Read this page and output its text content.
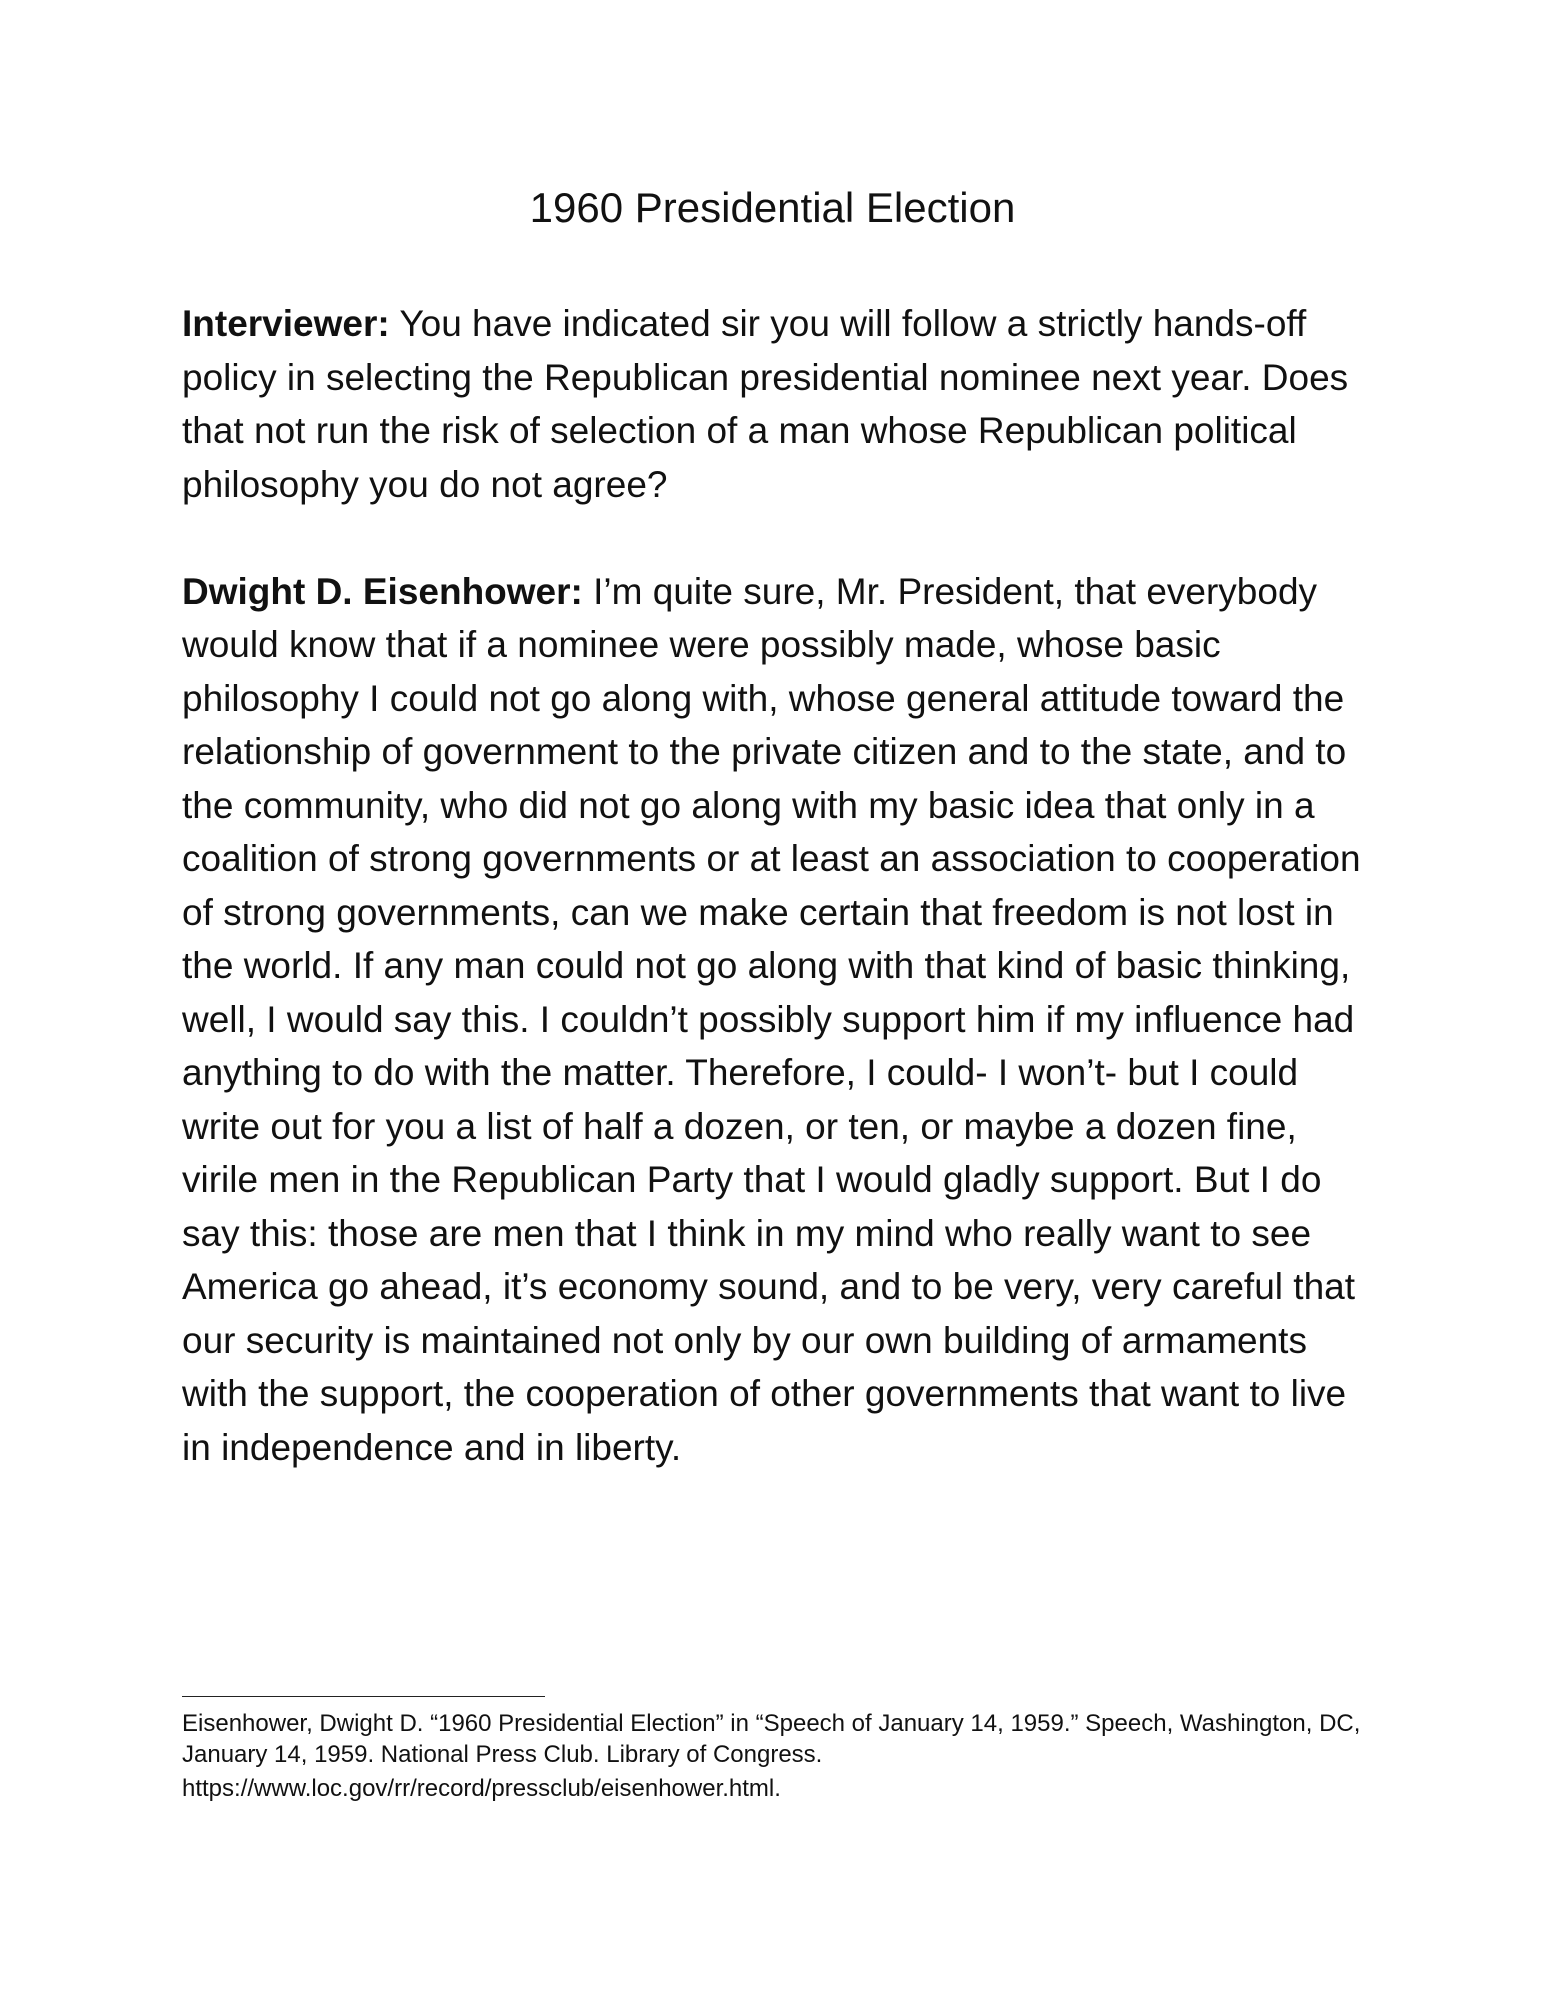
1960 Presidential Election

Interviewer: You have indicated sir you will follow a strictly hands-off policy in selecting the Republican presidential nominee next year. Does that not run the risk of selection of a man whose Republican political philosophy you do not agree?

Dwight D. Eisenhower: I’m quite sure, Mr. President, that everybody would know that if a nominee were possibly made, whose basic philosophy I could not go along with, whose general attitude toward the relationship of government to the private citizen and to the state, and to the community, who did not go along with my basic idea that only in a coalition of strong governments or at least an association to cooperation of strong governments, can we make certain that freedom is not lost in the world. If any man could not go along with that kind of basic thinking, well, I would say this. I couldn’t possibly support him if my influence had anything to do with the matter. Therefore, I could- I won’t- but I could write out for you a list of half a dozen, or ten, or maybe a dozen fine, virile men in the Republican Party that I would gladly support. But I do say this: those are men that I think in my mind who really want to see America go ahead, it’s economy sound, and to be very, very careful that our security is maintained not only by our own building of armaments with the support, the cooperation of other governments that want to live in independence and in liberty.

Eisenhower, Dwight D. “1960 Presidential Election” in “Speech of January 14, 1959.” Speech, Washington, DC, January 14, 1959. National Press Club. Library of Congress.

https://www.loc.gov/rr/record/pressclub/eisenhower.html.
